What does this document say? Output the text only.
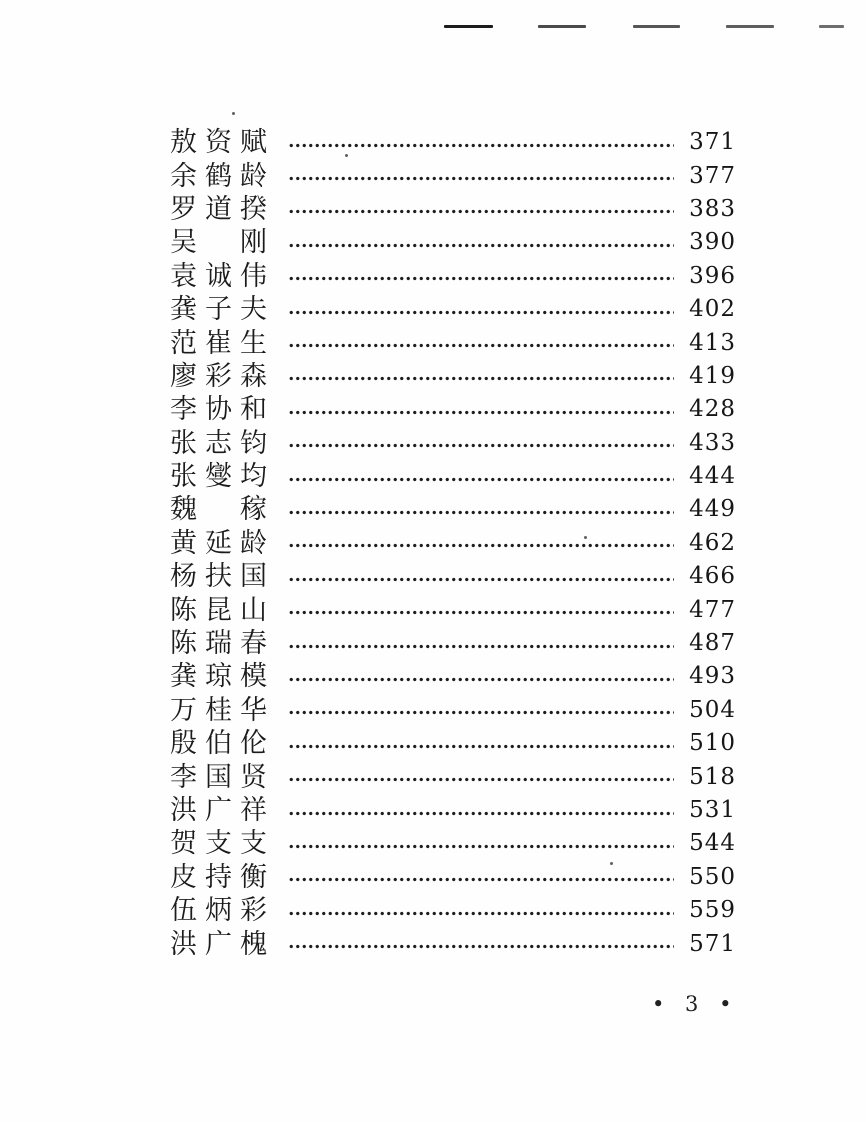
敖资赋	371
余鹤龄	377
罗道揆	383
吴　刚	390
袁诚伟	396
龚子夫	402
范崔生	413
廖彩森	419
李协和	428
张志钧	433
张燮均	444
魏　稼	449
黄延龄	462
杨扶国	466
陈昆山	477
陈瑞春	487
龚琼模	493
万桂华	504
殷伯伦	510
李国贤	518
洪广祥	531
贺支支	544
皮持衡	550
伍炳彩	559
洪广槐	571
• 3 •
